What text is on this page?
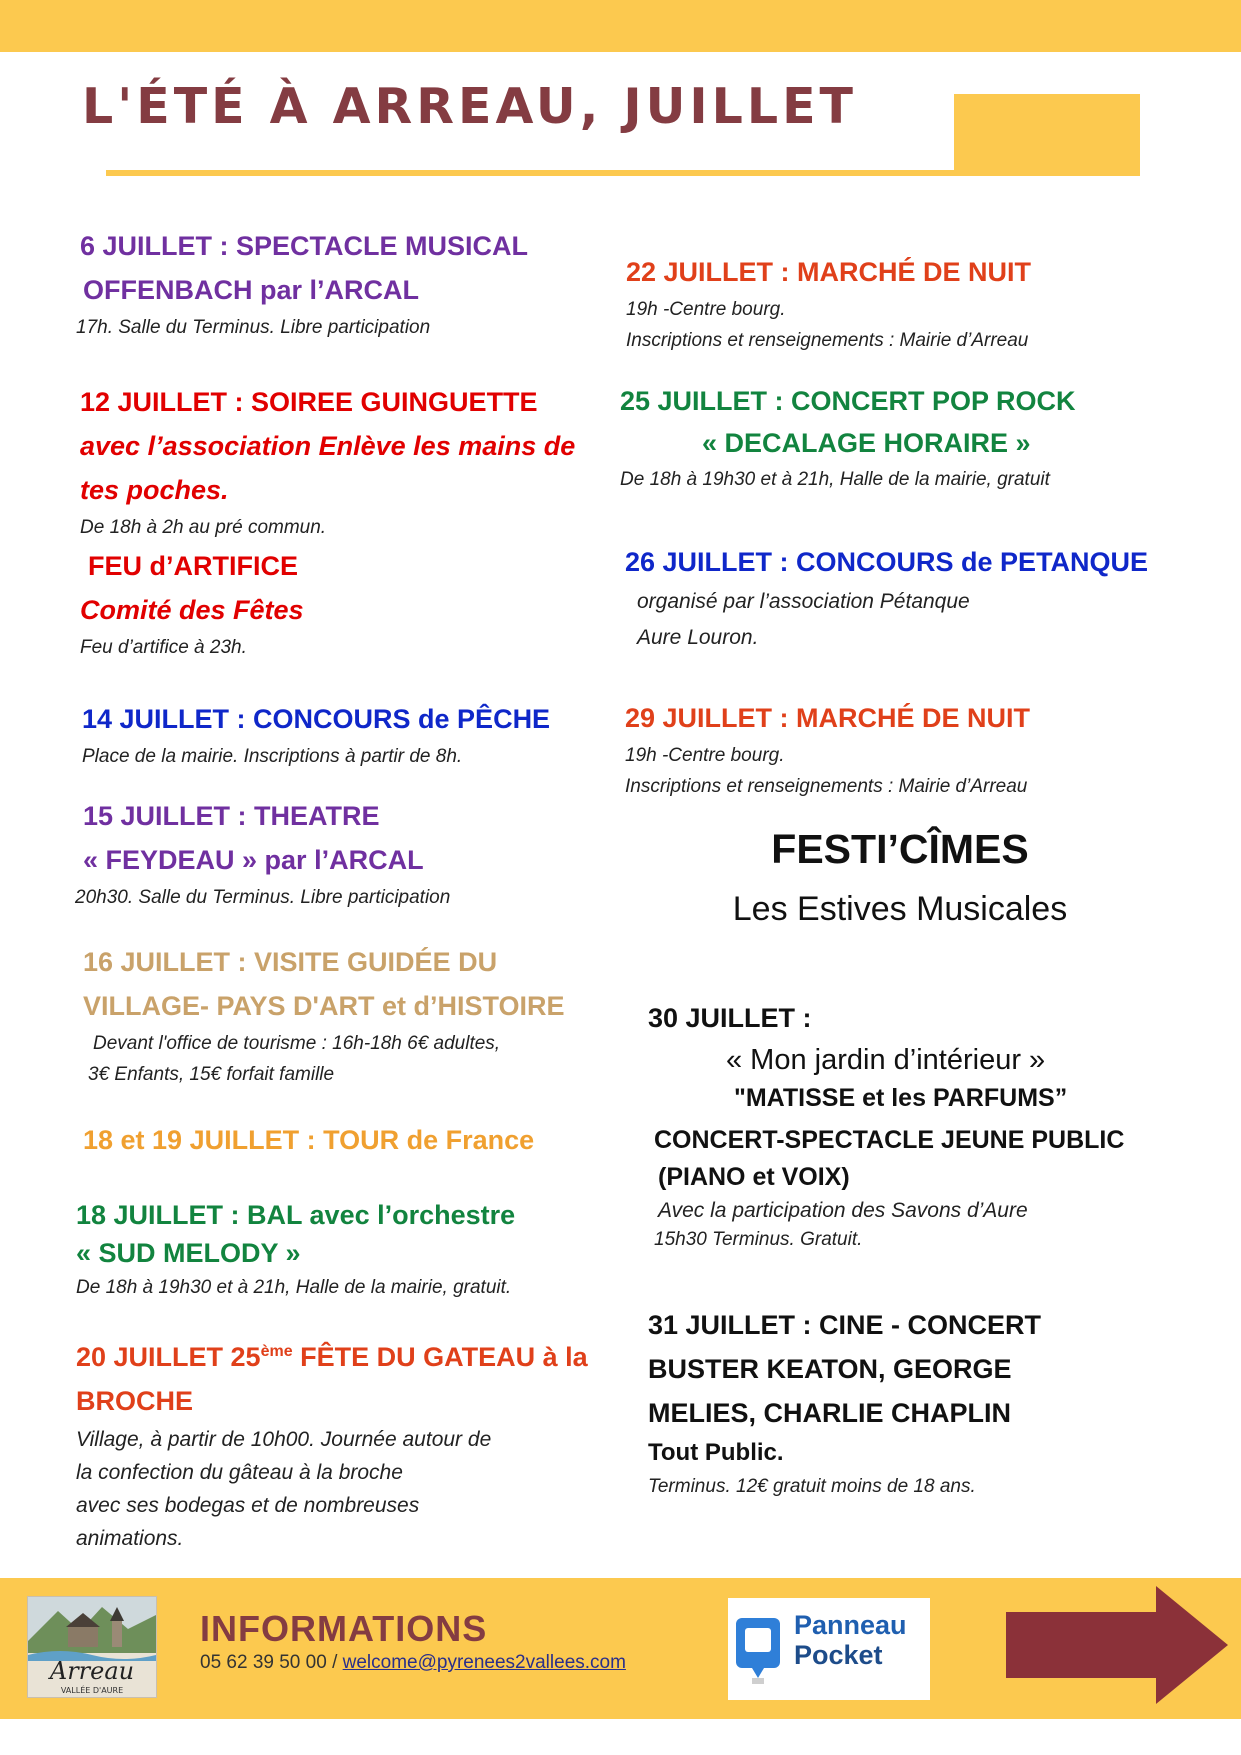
L'ÉTÉ À ARREAU, JUILLET
6 JUILLET : SPECTACLE MUSICAL
OFFENBACH par l’ARCAL
17h. Salle du Terminus. Libre participation
12 JUILLET : SOIREE GUINGUETTE
avec l’association Enlève les mains de
tes poches.
De 18h à 2h au pré commun.
FEU d’ARTIFICE
Comité des Fêtes
Feu d’artifice à 23h.
14 JUILLET : CONCOURS de PÊCHE
Place de la mairie. Inscriptions à partir de 8h.
15 JUILLET : THEATRE
« FEYDEAU » par l’ARCAL
20h30. Salle du Terminus. Libre participation
16 JUILLET : VISITE GUIDÉE DU
VILLAGE- PAYS D'ART et d’HISTOIRE
Devant l'office de tourisme : 16h-18h 6€ adultes,
3€ Enfants, 15€ forfait famille
18 et 19 JUILLET : TOUR de France
18 JUILLET : BAL avec l’orchestre
« SUD MELODY »
De 18h à 19h30 et à 21h, Halle de la mairie, gratuit.
20 JUILLET 25ème FÊTE DU GATEAU à la
BROCHE
Village, à partir de 10h00. Journée autour de
la confection du gâteau à la broche
avec ses bodegas et de nombreuses
animations.
22 JUILLET : MARCHÉ DE NUIT
19h -Centre bourg.
Inscriptions et renseignements : Mairie d’Arreau
25 JUILLET : CONCERT POP ROCK
« DECALAGE HORAIRE »
De 18h à 19h30 et à 21h, Halle de la mairie, gratuit
26 JUILLET : CONCOURS de PETANQUE
organisé par l’association Pétanque
Aure Louron.
29 JUILLET : MARCHÉ DE NUIT
19h -Centre bourg.
Inscriptions et renseignements : Mairie d’Arreau
FESTI’CÎMES
Les Estives Musicales
30 JUILLET :
« Mon jardin d’intérieur »
"MATISSE et les PARFUMS”
CONCERT-SPECTACLE JEUNE PUBLIC
(PIANO et VOIX)
Avec la participation des Savons d’Aure
15h30 Terminus. Gratuit.
31 JUILLET : CINE - CONCERT
BUSTER KEATON, GEORGE
MELIES, CHARLIE CHAPLIN
Tout Public.
Terminus. 12€ gratuit moins de 18 ans.
Arreau
VALLÉE D'AURE
INFORMATIONS
05 62 39 50 00 / welcome@pyrenees2vallees.com
Panneau
Pocket
